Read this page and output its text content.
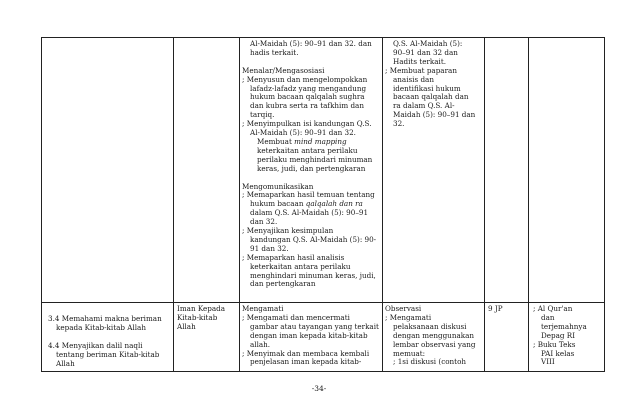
Al-Maidah (5): 90–91 dan 32. dan
hadis terkait.

Menalar/Mengasosiasi
; Menyusun dan mengelompokkan
lafadz-lafadz yang mengandung
hukum bacaan qalqalah sughra
dan kubra serta ra tafkhim dan
tarqiq.
; Menyimpulkan isi kandungan Q.S.
Al-Maidah (5): 90–91 dan 32.
Membuat mind mapping
keterkaitan antara perilaku
perilaku menghindari minuman
keras, judi, dan pertengkaran

Mengomunikasikan
; Memaparkan hasil temuan tentang
hukum bacaan qalqalah dan ra
dalam Q.S. Al-Maidah (5): 90–91
dan 32.
; Menyajikan kesimpulan
kandungan Q.S. Al-Maidah (5): 90-
91 dan 32.
; Memaparkan hasil analisis
keterkaitan antara perilaku
menghindari minuman keras, judi,
dan pertengkaran
Q.S. Al-Maidah (5):
90–91 dan 32 dan
Hadits terkait.
; Membuat paparan
anaisis dan
identifikasi hukum
bacaan qalqalah dan
ra dalam Q.S. Al-
Maidah (5): 90–91 dan
32.
3.4 Memahami makna beriman
kepada Kitab-kitab Allah

4.4 Menyajikan dalil naqli
tentang beriman Kitab-kitab
Allah
Iman Kepada
Kitab-kitab
Allah
Mengamati
; Mengamati dan mencermati
gambar atau tayangan yang terkait
dengan iman kepada kitab-kitab
allah.
; Menyimak dan membaca kembali
penjelasan iman kepada kitab-
Observasi
; Mengamati
pelaksanaan diskusi
dengan menggunakan
lembar observasi yang
memuat:
; 1si diskusi (contoh
9 JP	; Al Qur'an
dan
terjemahnya
Depag RI
; Buku Teks
PAI kelas
VIII
-34-
